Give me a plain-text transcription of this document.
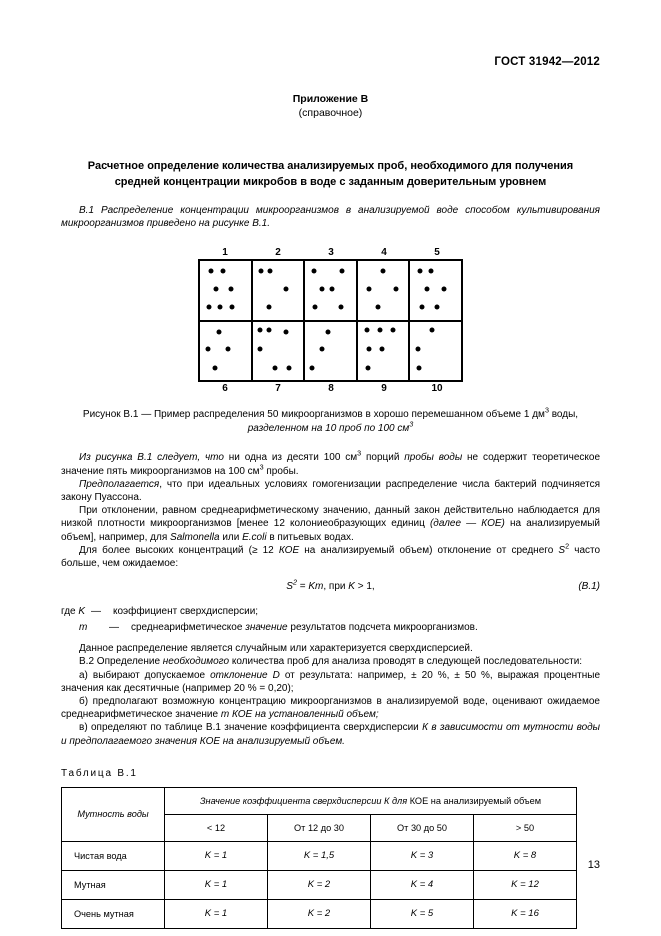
ГОСТ 31942—2012
Приложение В
(справочное)
Расчетное определение количества анализируемых проб, необходимого для получения
средней концентрации микробов в воде с заданным доверительным уровнем

В.1 Распределение концентрации микроорганизмов в анализируемой воде способом культивирования микроорганизмов приведено на рисунке В.1.

1	2	3	4	5
6	7	8	9	10
Рисунок В.1 — Пример распределения 50 микроорганизмов в хорошо перемешанном объеме 1 $дм^3$ воды,
разделенном на 10 проб по 100 $см^3$

Из рисунка В.1 следует, что ни одна из десяти 100 $см^3$ порций пробы воды не содержит теоретическое значение пять микроорганизмов на 100 $см^3$ пробы.

Предполагается, что при идеальных условиях гомогенизации распределение числа бактерий подчиняется закону Пуассона.

При отклонении, равном среднеарифметическому значению, данный закон действительно наблюдается для низкой плотности микроорганизмов [менее 12 колониеобразующих единиц (далее — КОЕ) на анализируемый объем], например, для Salmonella или E.coli в питьевых водах.

Для более высоких концентраций (≥ 12 КОЕ на анализируемый объем) отклонение от среднего $S^2$ часто больше, чем ожидаемое:

$S^2 = Km$, при K > 1,	(В.1)
где K —	коэффициент сверхдисперсии;
m	—	среднеарифметическое значение результатов подсчета микроорганизмов.

Данное распределение является случайным или характеризуется сверхдисперсией.

В.2 Определение необходимого количества проб для анализа проводят в следующей последовательности:

а) выбирают допускаемое отклонение D от результата: например, ± 20 %, ± 50 %, выражая процентные значения как десятичные (например 20 % = 0,20);

б) предполагают возможную концентрацию микроорганизмов в анализируемой воде, оценивают ожидаемое среднеарифметическое значение m КОЕ на установленный объем;

в) определяют по таблице В.1 значение коэффициента сверхдисперсии К в зависимости от мутности воды и предполагаемого значения КОЕ на анализируемый объем.

Таблица В.1
Мутность воды	Значение коэффициента сверхдисперсии К для КОЕ на анализируемый объем			
	< 12	От 12 до 30	От 30 до 50	> 50
Чистая вода	K = 1	K = 1,5	K = 3	K = 8
Мутная	K = 1	K = 2	K = 4	K = 12
Очень мутная	K = 1	K = 2	K = 5	K = 16
13
